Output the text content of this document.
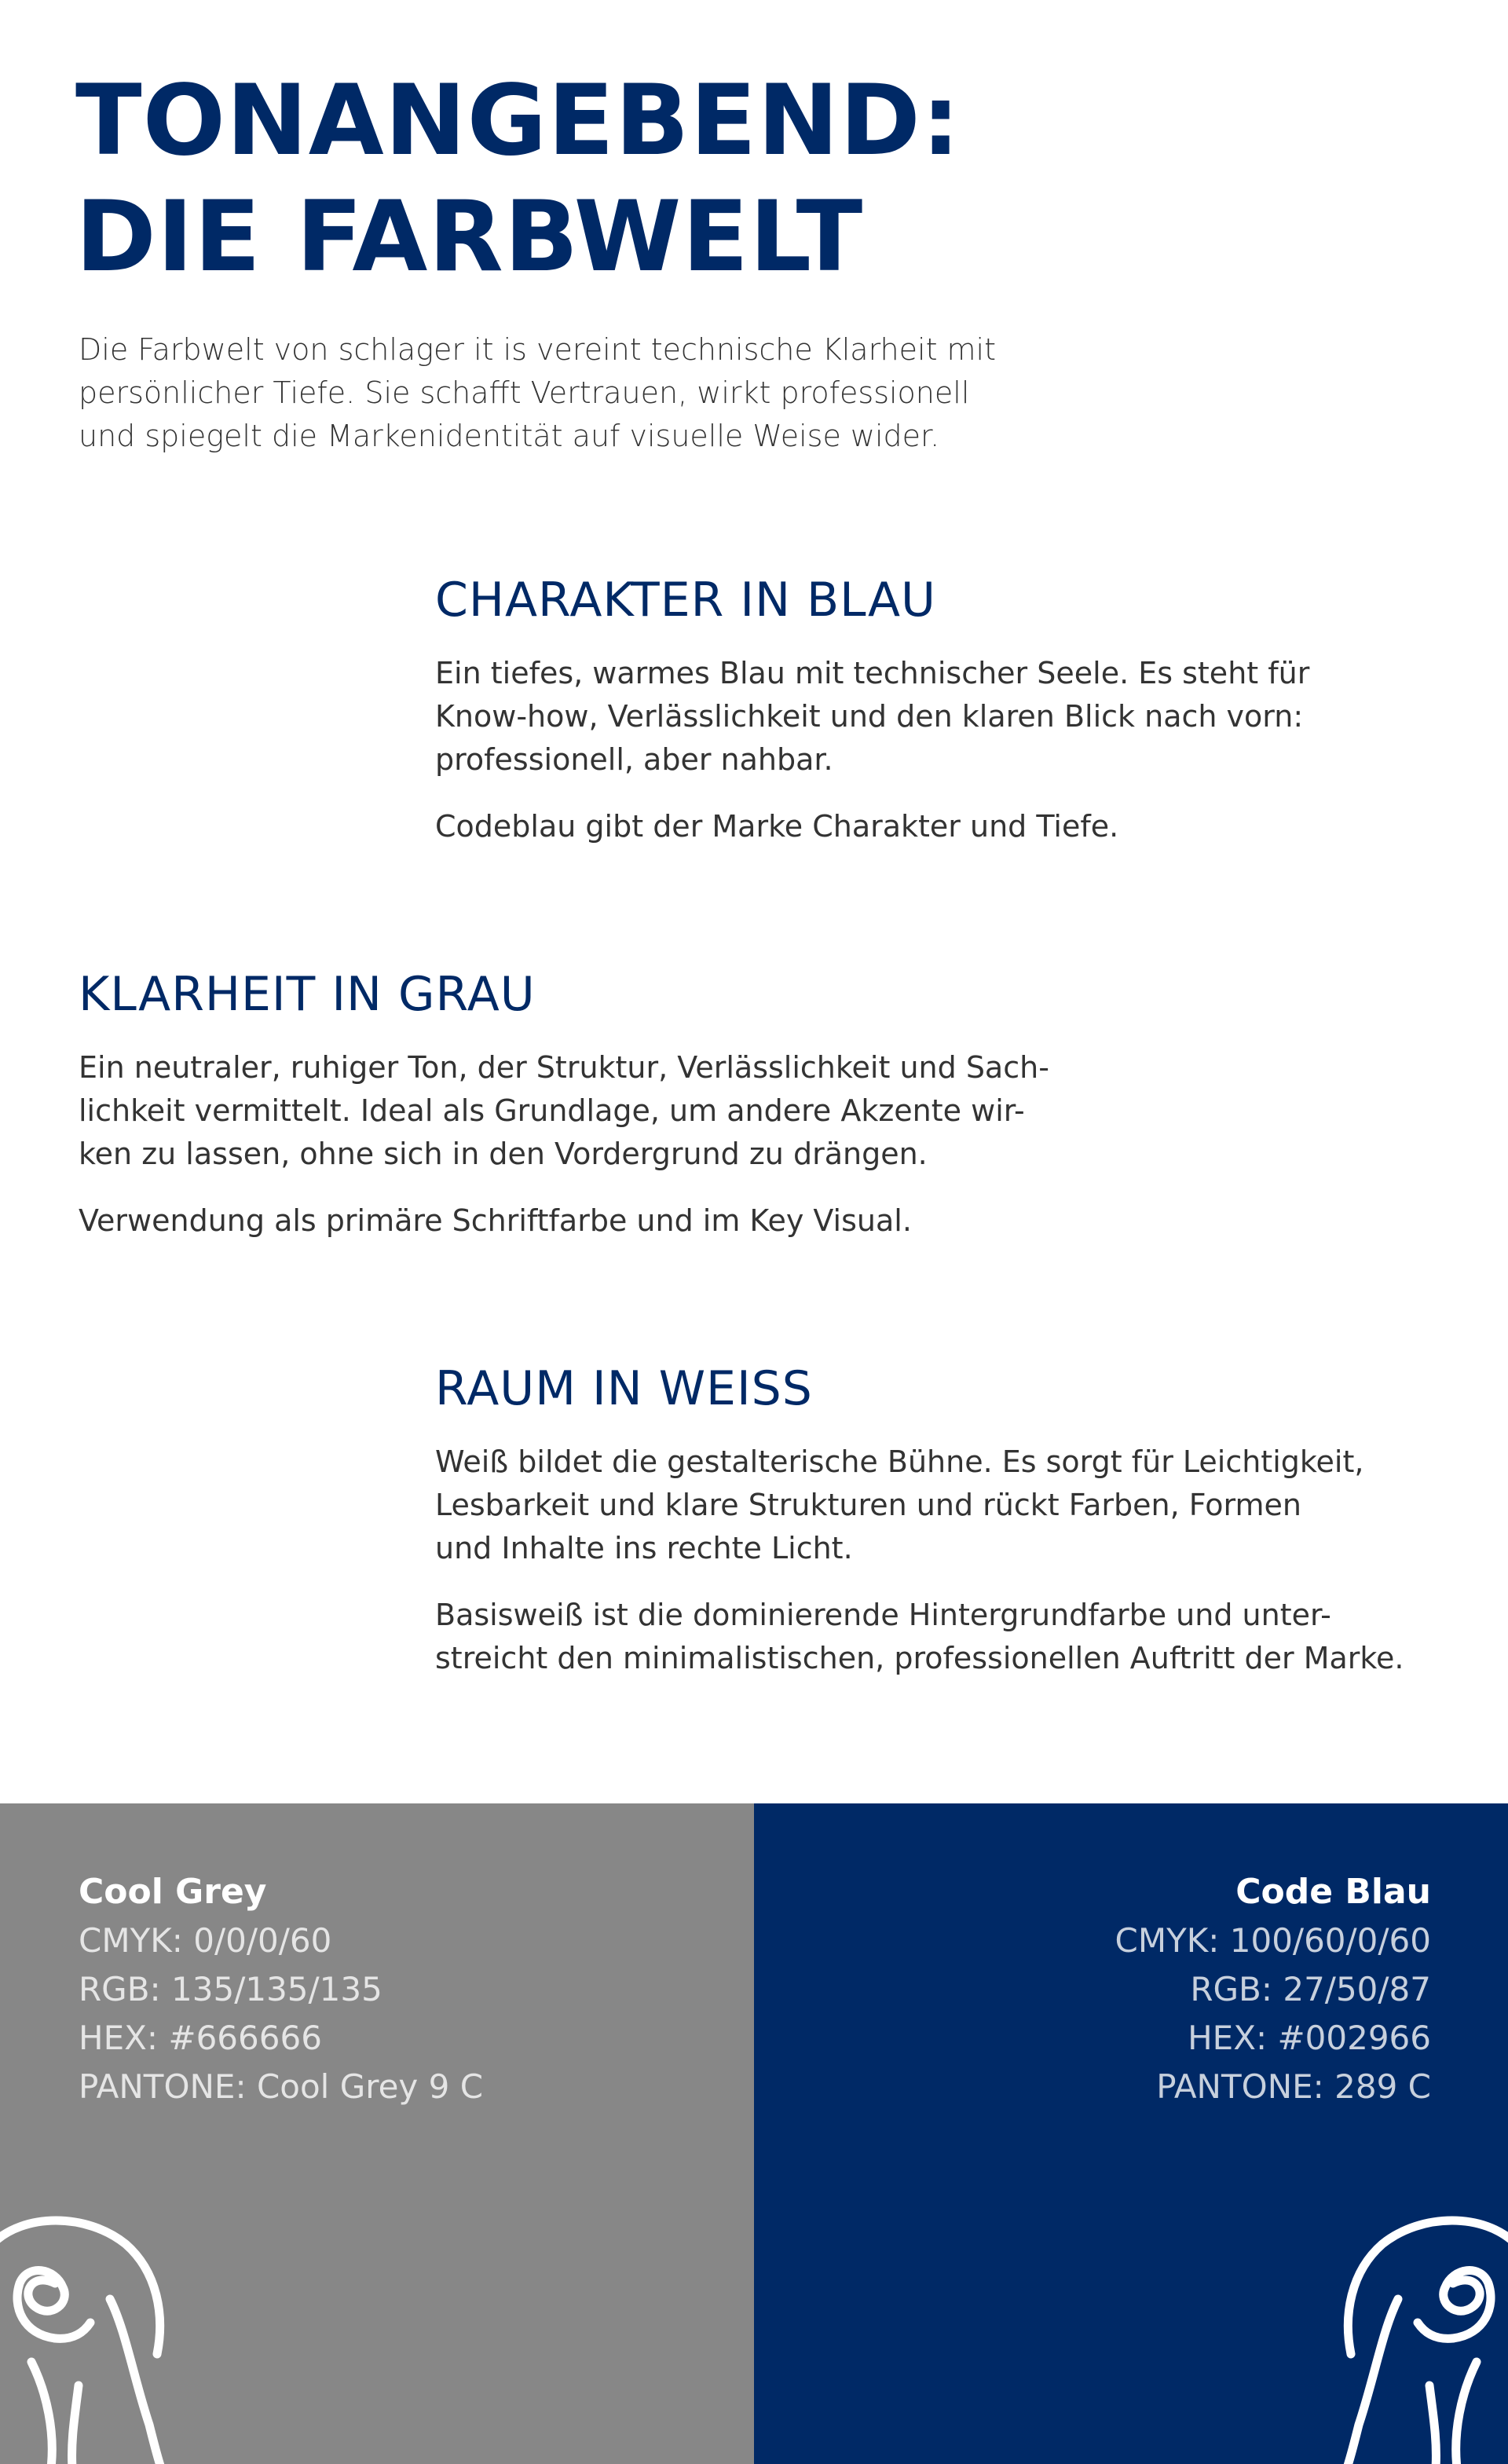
TONANGEBEND:
DIE FARBWELT

Die Farbwelt von schlager it is vereint technische Klarheit mit
persönlicher Tiefe. Sie schafft Vertrauen, wirkt professionell
und spiegelt die Markenidentität auf visuelle Weise wider.

CHARAKTER IN BLAU

Ein tiefes, warmes Blau mit technischer Seele. Es steht für
Know-how, Verlässlichkeit und den klaren Blick nach vorn:
professionell, aber nahbar.

Codeblau gibt der Marke Charakter und Tiefe.

KLARHEIT IN GRAU

Ein neutraler, ruhiger Ton, der Struktur, Verlässlichkeit und Sach-
lichkeit vermittelt. Ideal als Grundlage, um andere Akzente wir-
ken zu lassen, ohne sich in den Vordergrund zu drängen.

Verwendung als primäre Schriftfarbe und im Key Visual.

RAUM IN WEISS

Weiß bildet die gestalterische Bühne. Es sorgt für Leichtigkeit,
Lesbarkeit und klare Strukturen und rückt Farben, Formen
und Inhalte ins rechte Licht.

Basisweiß ist die dominierende Hintergrundfarbe und unter-
streicht den minimalistischen, professionellen Auftritt der Marke.

Cool Grey
CMYK: 0/0/0/60
RGB: 135/135/135
HEX: #666666
PANTONE: Cool Grey 9 C
Code Blau
CMYK: 100/60/0/60
RGB: 27/50/87
HEX: #002966
PANTONE: 289 C
